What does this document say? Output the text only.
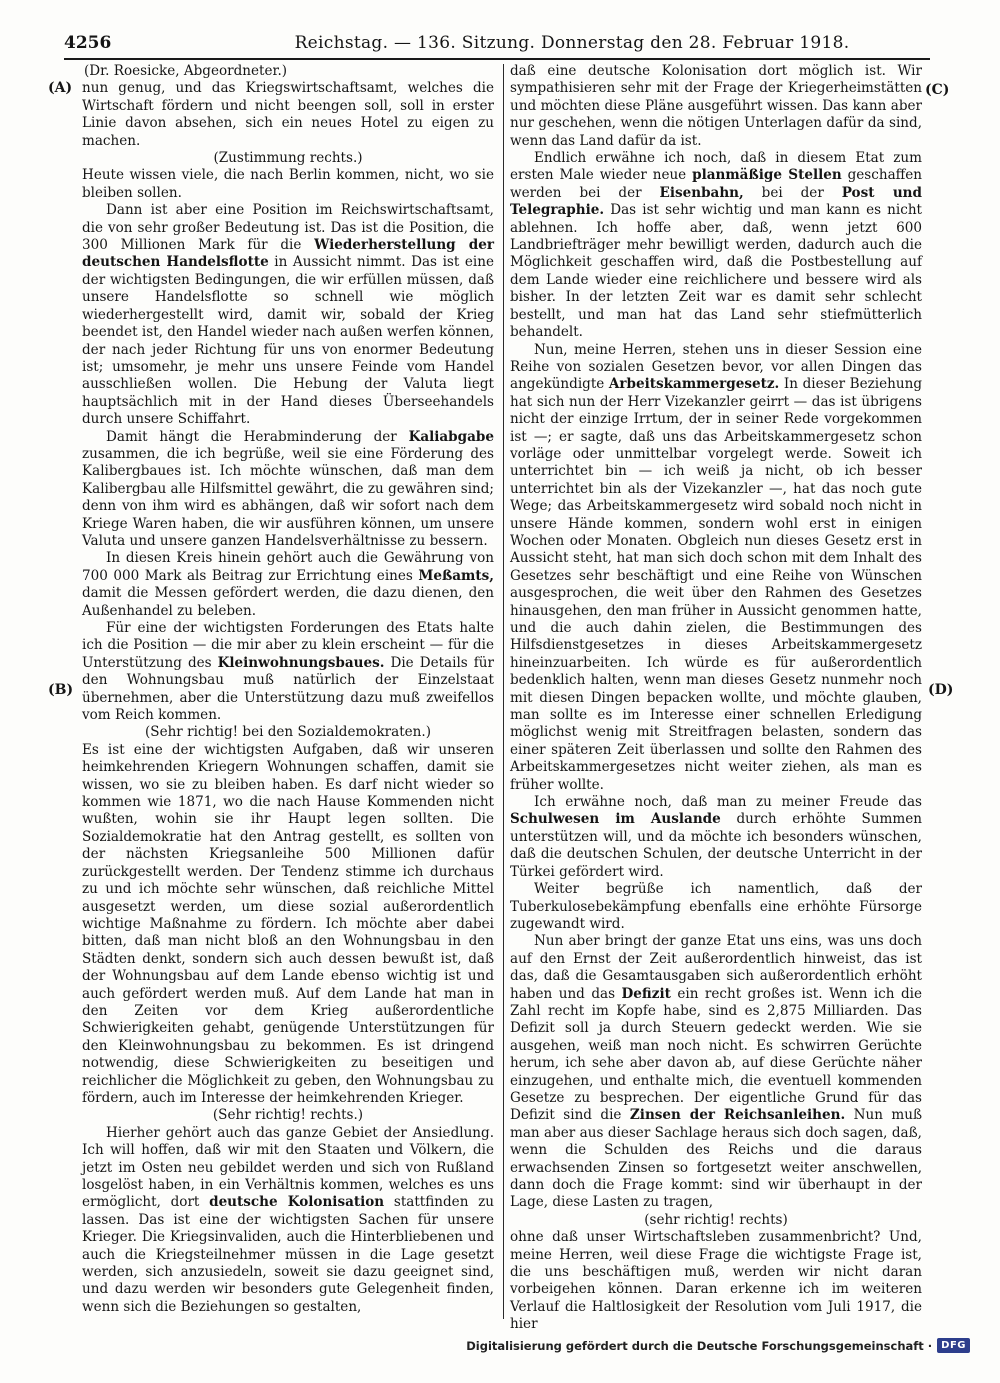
4256	Reichstag. — 136. Sitzung. Donnerstag den 28. Februar 1918.
(A)
(B)
(C)
(D)

(Dr. Roesicke, Abgeordneter.)

nun genug, und das Kriegswirtschaftsamt, welches die Wirtschaft fördern und nicht beengen soll, soll in erster Linie davon absehen, sich ein neues Hotel zu eigen zu machen.

(Zustimmung rechts.)

Heute wissen viele, die nach Berlin kommen, nicht, wo sie bleiben sollen.

Dann ist aber eine Position im Reichswirtschaftsamt, die von sehr großer Bedeutung ist. Das ist die Position, die 300 Millionen Mark für die Wiederherstellung der deutschen Handelsflotte in Aussicht nimmt. Das ist eine der wichtigsten Bedingungen, die wir erfüllen müssen, daß unsere Handelsflotte so schnell wie möglich wiederhergestellt wird, damit wir, sobald der Krieg beendet ist, den Handel wieder nach außen werfen können, der nach jeder Richtung für uns von enormer Bedeutung ist; umsomehr, je mehr uns unsere Feinde vom Handel ausschließen wollen. Die Hebung der Valuta liegt hauptsächlich mit in der Hand dieses Überseehandels durch unsere Schiffahrt.

Damit hängt die Herabminderung der Kaliabgabe zusammen, die ich begrüße, weil sie eine Förderung des Kalibergbaues ist. Ich möchte wünschen, daß man dem Kalibergbau alle Hilfsmittel gewährt, die zu gewähren sind; denn von ihm wird es abhängen, daß wir sofort nach dem Kriege Waren haben, die wir ausführen können, um unsere Valuta und unsere ganzen Handelsverhältnisse zu bessern.

In diesen Kreis hinein gehört auch die Gewährung von 700 000 Mark als Beitrag zur Errichtung eines Meßamts, damit die Messen gefördert werden, die dazu dienen, den Außenhandel zu beleben.

Für eine der wichtigsten Forderungen des Etats halte ich die Position — die mir aber zu klein erscheint — für die Unterstützung des Kleinwohnungsbaues. Die Details für den Wohnungsbau muß natürlich der Einzelstaat übernehmen, aber die Unterstützung dazu muß zweifellos vom Reich kommen.

(Sehr richtig! bei den Sozialdemokraten.)

Es ist eine der wichtigsten Aufgaben, daß wir unseren heimkehrenden Kriegern Wohnungen schaffen, damit sie wissen, wo sie zu bleiben haben. Es darf nicht wieder so kommen wie 1871, wo die nach Hause Kommenden nicht wußten, wohin sie ihr Haupt legen sollten. Die Sozialdemokratie hat den Antrag gestellt, es sollten von der nächsten Kriegsanleihe 500 Millionen dafür zurückgestellt werden. Der Tendenz stimme ich durchaus zu und ich möchte sehr wünschen, daß reichliche Mittel ausgesetzt werden, um diese sozial außerordentlich wichtige Maßnahme zu fördern. Ich möchte aber dabei bitten, daß man nicht bloß an den Wohnungsbau in den Städten denkt, sondern sich auch dessen bewußt ist, daß der Wohnungsbau auf dem Lande ebenso wichtig ist und auch gefördert werden muß. Auf dem Lande hat man in den Zeiten vor dem Krieg außerordentliche Schwierigkeiten gehabt, genügende Unterstützungen für den Kleinwohnungsbau zu bekommen. Es ist dringend notwendig, diese Schwierigkeiten zu beseitigen und reichlicher die Möglichkeit zu geben, den Wohnungsbau zu fördern, auch im Interesse der heimkehrenden Krieger.

(Sehr richtig! rechts.)

Hierher gehört auch das ganze Gebiet der Ansiedlung. Ich will hoffen, daß wir mit den Staaten und Völkern, die jetzt im Osten neu gebildet werden und sich von Rußland losgelöst haben, in ein Verhältnis kommen, welches es uns ermöglicht, dort deutsche Kolonisation stattfinden zu lassen. Das ist eine der wichtigsten Sachen für unsere Krieger. Die Kriegsinvaliden, auch die Hinterbliebenen und auch die Kriegsteilnehmer müssen in die Lage gesetzt werden, sich anzusiedeln, soweit sie dazu geeignet sind, und dazu werden wir besonders gute Gelegenheit finden, wenn sich die Beziehungen so gestalten,

daß eine deutsche Kolonisation dort möglich ist. Wir sympathisieren sehr mit der Frage der Kriegerheimstätten und möchten diese Pläne ausgeführt wissen. Das kann aber nur geschehen, wenn die nötigen Unterlagen dafür da sind, wenn das Land dafür da ist.

Endlich erwähne ich noch, daß in diesem Etat zum ersten Male wieder neue planmäßige Stellen geschaffen werden bei der Eisenbahn, bei der Post und Telegraphie. Das ist sehr wichtig und man kann es nicht ablehnen. Ich hoffe aber, daß, wenn jetzt 600 Landbriefträger mehr bewilligt werden, dadurch auch die Möglichkeit geschaffen wird, daß die Postbestellung auf dem Lande wieder eine reichlichere und bessere wird als bisher. In der letzten Zeit war es damit sehr schlecht bestellt, und man hat das Land sehr stiefmütterlich behandelt.

Nun, meine Herren, stehen uns in dieser Session eine Reihe von sozialen Gesetzen bevor, vor allen Dingen das angekündigte Arbeitskammergesetz. In dieser Beziehung hat sich nun der Herr Vizekanzler geirrt — das ist übrigens nicht der einzige Irrtum, der in seiner Rede vorgekommen ist —; er sagte, daß uns das Arbeitskammergesetz schon vorläge oder unmittelbar vorgelegt werde. Soweit ich unterrichtet bin — ich weiß ja nicht, ob ich besser unterrichtet bin als der Vizekanzler —, hat das noch gute Wege; das Arbeitskammergesetz wird sobald noch nicht in unsere Hände kommen, sondern wohl erst in einigen Wochen oder Monaten. Obgleich nun dieses Gesetz erst in Aussicht steht, hat man sich doch schon mit dem Inhalt des Gesetzes sehr beschäftigt und eine Reihe von Wünschen ausgesprochen, die weit über den Rahmen des Gesetzes hinausgehen, den man früher in Aussicht genommen hatte, und die auch dahin zielen, die Bestimmungen des Hilfsdienstgesetzes in dieses Arbeitskammergesetz hineinzuarbeiten. Ich würde es für außerordentlich bedenklich halten, wenn man dieses Gesetz nunmehr noch mit diesen Dingen bepacken wollte, und möchte glauben, man sollte es im Interesse einer schnellen Erledigung möglichst wenig mit Streitfragen belasten, sondern das einer späteren Zeit überlassen und sollte den Rahmen des Arbeitskammergesetzes nicht weiter ziehen, als man es früher wollte.

Ich erwähne noch, daß man zu meiner Freude das Schulwesen im Auslande durch erhöhte Summen unterstützen will, und da möchte ich besonders wünschen, daß die deutschen Schulen, der deutsche Unterricht in der Türkei gefördert wird.

Weiter begrüße ich namentlich, daß der Tuberkulosebekämpfung ebenfalls eine erhöhte Fürsorge zugewandt wird.

Nun aber bringt der ganze Etat uns eins, was uns doch auf den Ernst der Zeit außerordentlich hinweist, das ist das, daß die Gesamtausgaben sich außerordentlich erhöht haben und das Defizit ein recht großes ist. Wenn ich die Zahl recht im Kopfe habe, sind es 2,875 Milliarden. Das Defizit soll ja durch Steuern gedeckt werden. Wie sie ausgehen, weiß man noch nicht. Es schwirren Gerüchte herum, ich sehe aber davon ab, auf diese Gerüchte näher einzugehen, und enthalte mich, die eventuell kommenden Gesetze zu besprechen. Der eigentliche Grund für das Defizit sind die Zinsen der Reichsanleihen. Nun muß man aber aus dieser Sachlage heraus sich doch sagen, daß, wenn die Schulden des Reichs und die daraus erwachsenden Zinsen so fortgesetzt weiter anschwellen, dann doch die Frage kommt: sind wir überhaupt in der Lage, diese Lasten zu tragen,

(sehr richtig! rechts)

ohne daß unser Wirtschaftsleben zusammenbricht? Und, meine Herren, weil diese Frage die wichtigste Frage ist, die uns beschäftigen muß, werden wir nicht daran vorbeigehen können. Daran erkenne ich im weiteren Verlauf die Haltlosigkeit der Resolution vom Juli 1917, die hier

Digitalisierung gefördert durch die Deutsche Forschungsgemeinschaft · DFG
